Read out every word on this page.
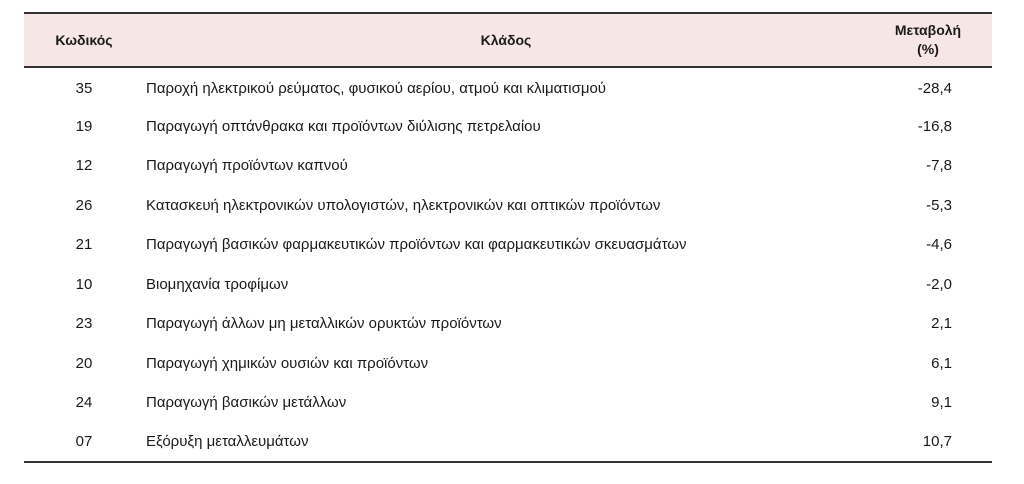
Κωδικός	Κλάδος	Μεταβολή
(%)
35	Παροχή ηλεκτρικού ρεύματος, φυσικού αερίου, ατμού και κλιματισμού	-28,4
19	Παραγωγή οπτάνθρακα και προϊόντων διύλισης πετρελαίου	-16,8
12	Παραγωγή προϊόντων καπνού	-7,8
26	Κατασκευή ηλεκτρονικών υπολογιστών, ηλεκτρονικών και οπτικών προϊόντων	-5,3
21	Παραγωγή βασικών φαρμακευτικών προϊόντων και φαρμακευτικών σκευασμάτων	-4,6
10	Βιομηχανία τροφίμων	-2,0
23	Παραγωγή άλλων μη μεταλλικών ορυκτών προϊόντων	2,1
20	Παραγωγή χημικών ουσιών και προϊόντων	6,1
24	Παραγωγή βασικών μετάλλων	9,1
07	Εξόρυξη μεταλλευμάτων	10,7
